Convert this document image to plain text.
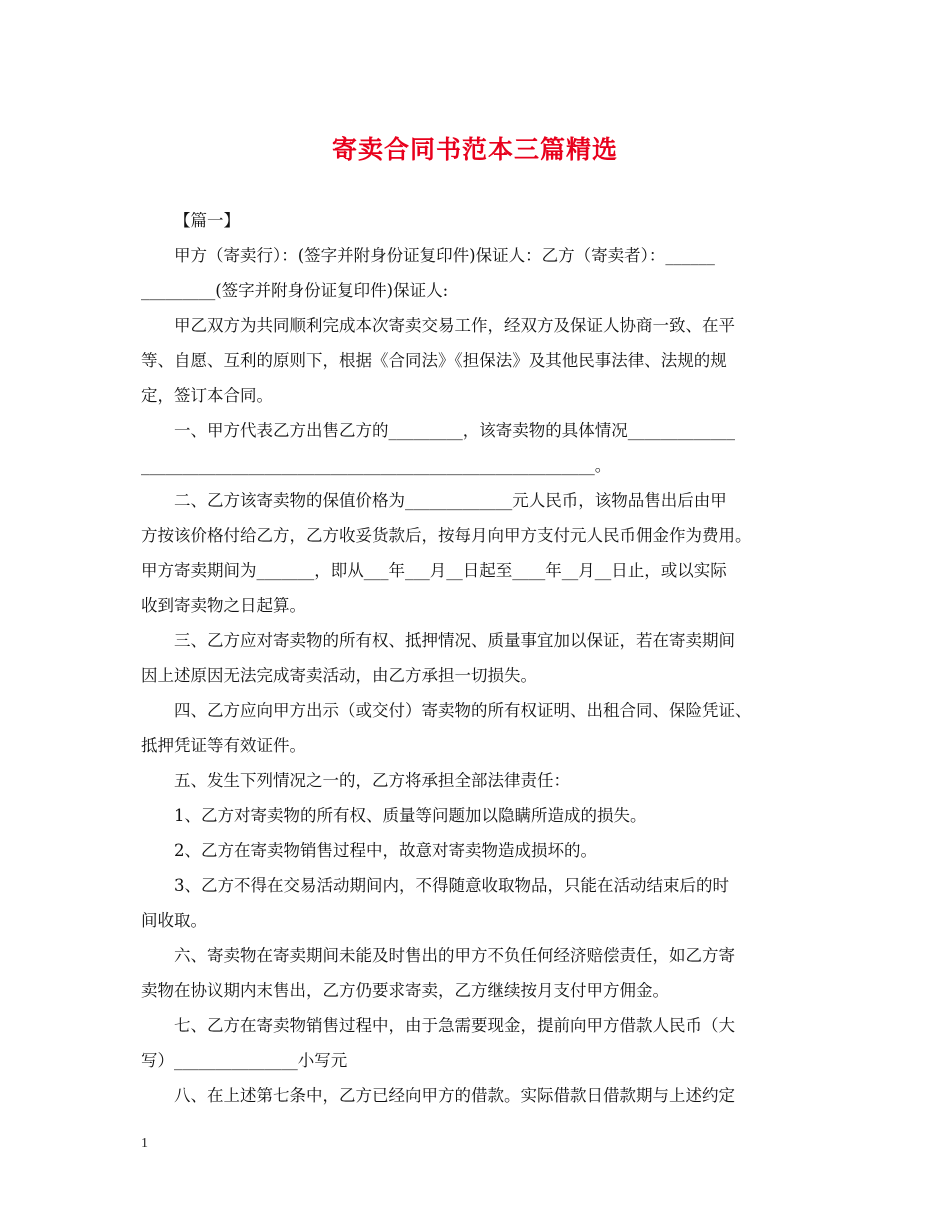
寄卖合同书范本三篇精选
【篇一】
甲方（寄卖行）：(签字并附身份证复印件)保证人：乙方（寄卖者）：______
_________(签字并附身份证复印件)保证人:
甲乙双方为共同顺利完成本次寄卖交易工作，经双方及保证人协商一致、在平
等、自愿、互利的原则下，根据《合同法》《担保法》及其他民事法律、法规的规
定，签订本合同。
一、甲方代表乙方出售乙方的_________，该寄卖物的具体情况_____________
_______________________________________________________。
二、乙方该寄卖物的保值价格为_____________元人民币，该物品售出后由甲
方按该价格付给乙方，乙方收妥货款后，按每月向甲方支付元人民币佣金作为费用。
甲方寄卖期间为_______，即从___年___月__日起至____年__月__日止，或以实际
收到寄卖物之日起算。
三、乙方应对寄卖物的所有权、抵押情况、质量事宜加以保证，若在寄卖期间
因上述原因无法完成寄卖活动，由乙方承担一切损失。
四、乙方应向甲方出示（或交付）寄卖物的所有权证明、出租合同、保险凭证、
抵押凭证等有效证件。
五、发生下列情况之一的，乙方将承担全部法律责任：
1、乙方对寄卖物的所有权、质量等问题加以隐瞒所造成的损失。
2、乙方在寄卖物销售过程中，故意对寄卖物造成损坏的。
3、乙方不得在交易活动期间内，不得随意收取物品，只能在活动结束后的时
间收取。
六、寄卖物在寄卖期间未能及时售出的甲方不负任何经济赔偿责任，如乙方寄
卖物在协议期内末售出，乙方仍要求寄卖，乙方继续按月支付甲方佣金。
七、乙方在寄卖物销售过程中，由于急需要现金，提前向甲方借款人民币（大
写）_______________小写元
八、在上述第七条中，乙方已经向甲方的借款。实际借款日借款期与上述约定
1
